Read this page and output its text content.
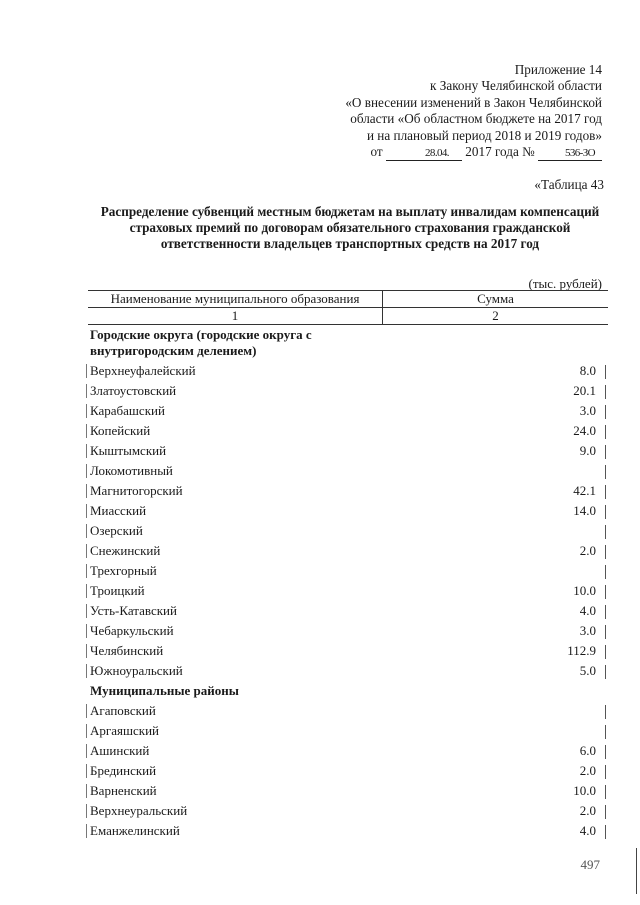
Приложение 14
к Закону Челябинской области
«О внесении изменений в Закон Челябинской
области «Об областном бюджете на 2017 год
и на плановый период 2018 и 2019 годов»
от	28.04. 2017 года №	536-ЗО
«Таблица 43
Распределение субвенций местным бюджетам на выплату инвалидам компенсаций страховых премий по договорам обязательного страхования гражданской ответственности владельцев транспортных средств на 2017 год
(тыс. рублей)
Наименование муниципального образования	Сумма
1	2
Городские округа (городские округа с внутригородским делением)
Верхнеуфалейский	8.0
Златоустовский	20.1
Карабашский	3.0
Копейский	24.0
Кыштымский	9.0
Локомотивный
Магнитогорский	42.1
Миасский	14.0
Озерский
Снежинский	2.0
Трехгорный
Троицкий	10.0
Усть-Катавский	4.0
Чебаркульский	3.0
Челябинский	112.9
Южноуральский	5.0
Муниципальные районы
Агаповский
Аргаяшский
Ашинский	6.0
Брединский	2.0
Варненский	10.0
Верхнеуральский	2.0
Еманжелинский	4.0
497
